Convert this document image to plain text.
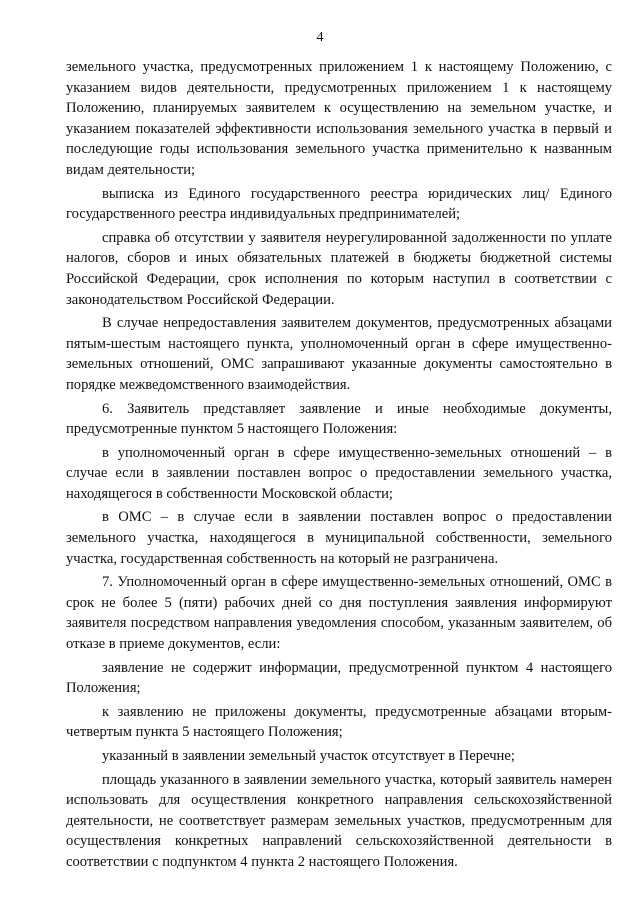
4

земельного участка, предусмотренных приложением 1 к настоящему Положению, с указанием видов деятельности, предусмотренных приложением 1 к настоящему Положению, планируемых заявителем к осуществлению на земельном участке, и указанием показателей эффективности использования земельного участка в первый и последующие годы использования земельного участка применительно к названным видам деятельности;

выписка из Единого государственного реестра юридических лиц/ Единого государственного реестра индивидуальных предпринимателей;

справка об отсутствии у заявителя неурегулированной задолженности по уплате налогов, сборов и иных обязательных платежей в бюджеты бюджетной системы Российской Федерации, срок исполнения по которым наступил в соответствии с законодательством Российской Федерации.

В случае непредоставления заявителем документов, предусмотренных абзацами пятым-шестым настоящего пункта, уполномоченный орган в сфере имущественно-земельных отношений, ОМС запрашивают указанные документы самостоятельно в порядке межведомственного взаимодействия.

6. Заявитель представляет заявление и иные необходимые документы, предусмотренные пунктом 5 настоящего Положения:

в уполномоченный орган в сфере имущественно-земельных отношений – в случае если в заявлении поставлен вопрос о предоставлении земельного участка, находящегося в собственности Московской области;

в ОМС – в случае если в заявлении поставлен вопрос о предоставлении земельного участка, находящегося в муниципальной собственности, земельного участка, государственная собственность на который не разграничена.

7. Уполномоченный орган в сфере имущественно-земельных отношений, ОМС в срок не более 5 (пяти) рабочих дней со дня поступления заявления информируют заявителя посредством направления уведомления способом, указанным заявителем, об отказе в приеме документов, если:

заявление не содержит информации, предусмотренной пунктом 4 настоящего Положения;

к заявлению не приложены документы, предусмотренные абзацами вторым-четвертым пункта 5 настоящего Положения;

указанный в заявлении земельный участок отсутствует в Перечне;

площадь указанного в заявлении земельного участка, который заявитель намерен использовать для осуществления конкретного направления сельскохозяйственной деятельности, не соответствует размерам земельных участков, предусмотренным для осуществления конкретных направлений сельскохозяйственной деятельности в соответствии с подпунктом 4 пункта 2 настоящего Положения.
